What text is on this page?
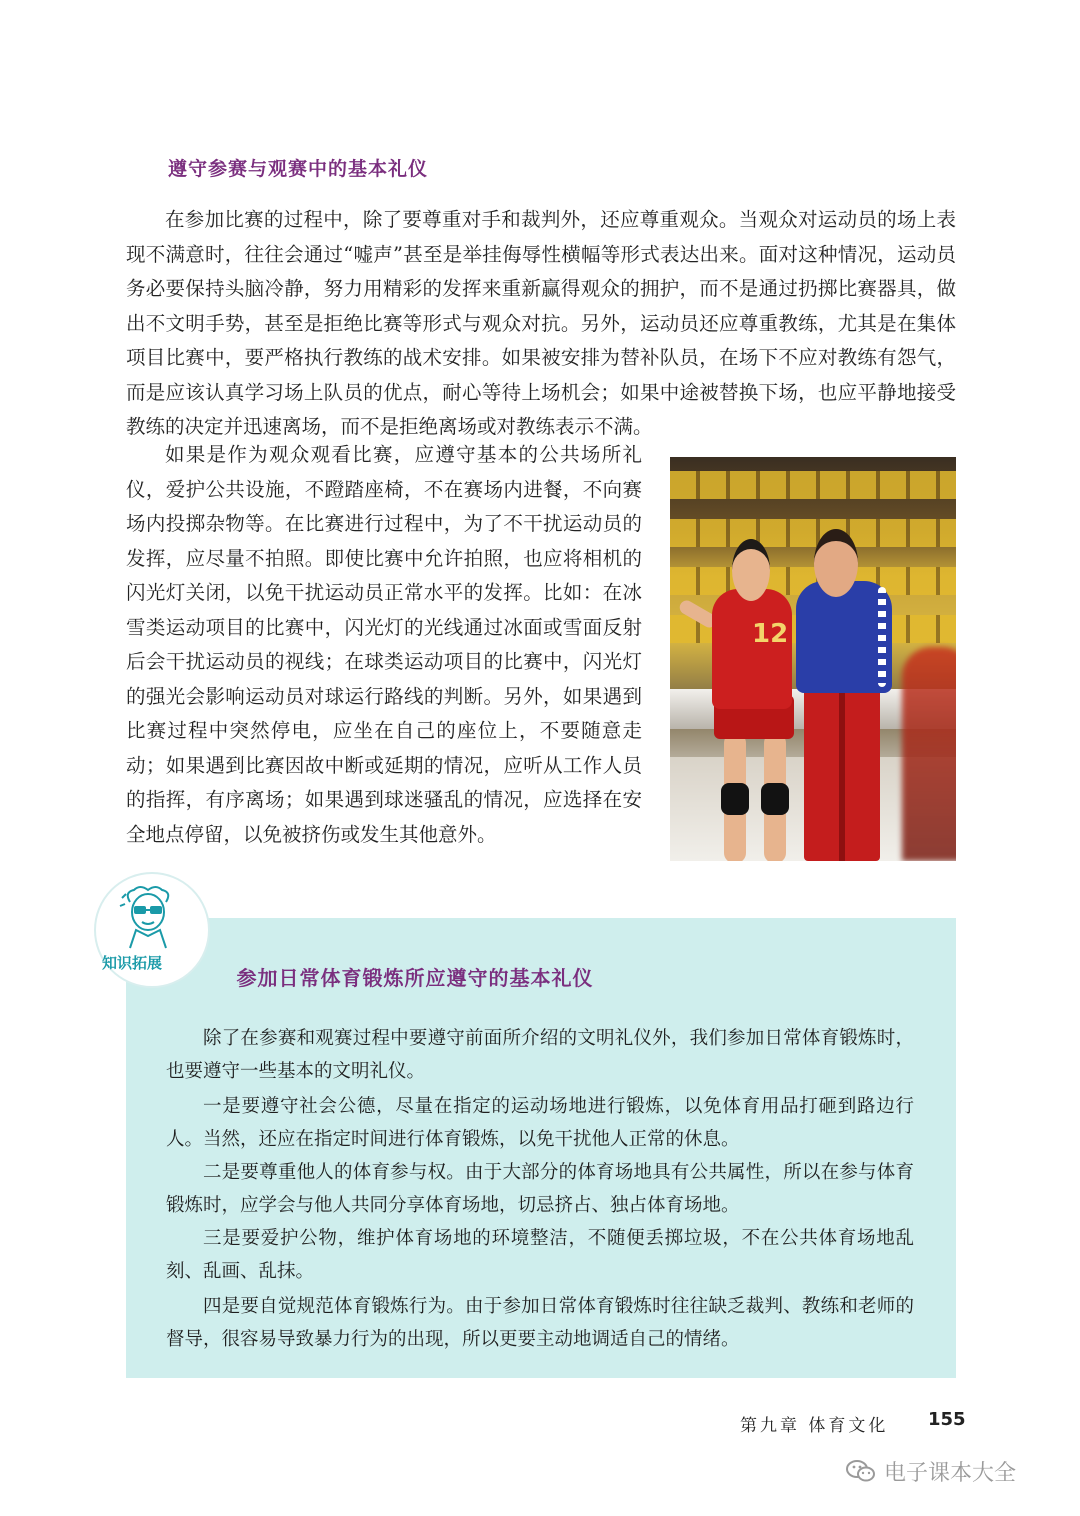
遵守参赛与观赛中的基本礼仪

在参加比赛的过程中，除了要尊重对手和裁判外，还应尊重观众。当观众对运动员的场上表现不满意时，往往会通过“嘘声”甚至是举挂侮辱性横幅等形式表达出来。面对这种情况，运动员务必要保持头脑冷静，努力用精彩的发挥来重新赢得观众的拥护，而不是通过扔掷比赛器具，做出不文明手势，甚至是拒绝比赛等形式与观众对抗。另外，运动员还应尊重教练，尤其是在集体项目比赛中，要严格执行教练的战术安排。如果被安排为替补队员，在场下不应对教练有怨气，而是应该认真学习场上队员的优点，耐心等待上场机会；如果中途被替换下场，也应平静地接受教练的决定并迅速离场，而不是拒绝离场或对教练表示不满。

如果是作为观众观看比赛，应遵守基本的公共场所礼仪，爱护公共设施，不蹬踏座椅，不在赛场内进餐，不向赛场内投掷杂物等。在比赛进行过程中，为了不干扰运动员的发挥，应尽量不拍照。即使比赛中允许拍照，也应将相机的闪光灯关闭，以免干扰运动员正常水平的发挥。比如：在冰雪类运动项目的比赛中，闪光灯的光线通过冰面或雪面反射后会干扰运动员的视线；在球类运动项目的比赛中，闪光灯的强光会影响运动员对球运行路线的判断。另外，如果遇到比赛过程中突然停电，应坐在自己的座位上，不要随意走动；如果遇到比赛因故中断或延期的情况，应听从工作人员的指挥，有序离场；如果遇到球迷骚乱的情况，应选择在安全地点停留，以免被挤伤或发生其他意外。

12

知识拓展

参加日常体育锻炼所应遵守的基本礼仪

除了在参赛和观赛过程中要遵守前面所介绍的文明礼仪外，我们参加日常体育锻炼时，也要遵守一些基本的文明礼仪。

一是要遵守社会公德，尽量在指定的运动场地进行锻炼，以免体育用品打砸到路边行人。当然，还应在指定时间进行体育锻炼，以免干扰他人正常的休息。

二是要尊重他人的体育参与权。由于大部分的体育场地具有公共属性，所以在参与体育锻炼时，应学会与他人共同分享体育场地，切忌挤占、独占体育场地。

三是要爱护公物，维护体育场地的环境整洁，不随便丢掷垃圾，不在公共体育场地乱刻、乱画、乱抹。

四是要自觉规范体育锻炼行为。由于参加日常体育锻炼时往往缺乏裁判、教练和老师的督导，很容易导致暴力行为的出现，所以更要主动地调适自己的情绪。

第九章 体育文化 155

电子课本大全
